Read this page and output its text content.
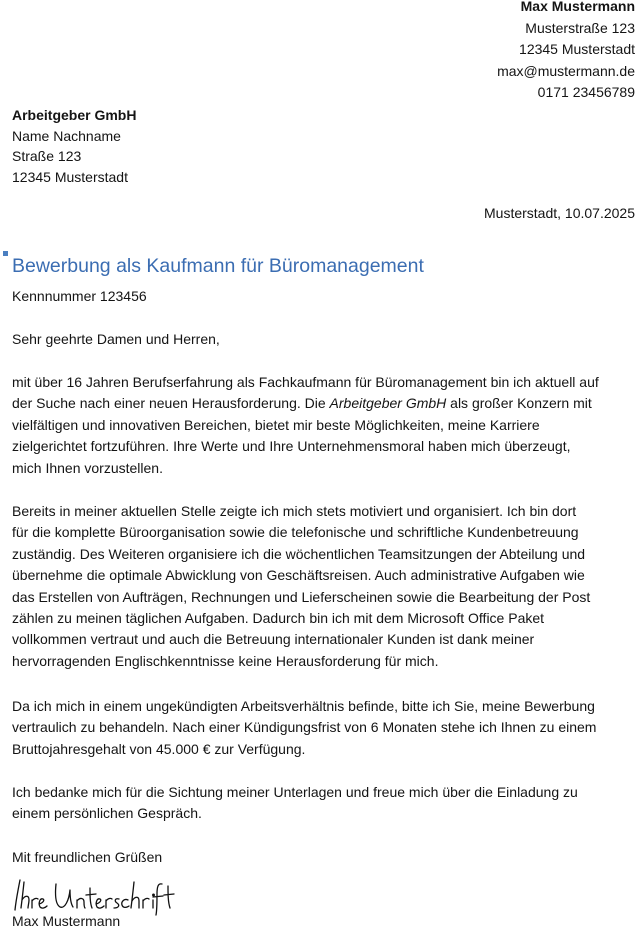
Max Mustermann
Musterstraße 123
12345 Musterstadt
max@mustermann.de
0171 23456789
Arbeitgeber GmbH
Name Nachname
Straße 123
12345 Musterstadt
Musterstadt, 10.07.2025
Bewerbung als Kaufmann für Büromanagement
Kennnummer 123456
Sehr geehrte Damen und Herren,
mit über 16 Jahren Berufserfahrung als Fachkaufmann für Büromanagement bin ich aktuell auf
der Suche nach einer neuen Herausforderung. Die Arbeitgeber GmbH als großer Konzern mit
vielfältigen und innovativen Bereichen, bietet mir beste Möglichkeiten, meine Karriere
zielgerichtet fortzuführen. Ihre Werte und Ihre Unternehmensmoral haben mich überzeugt,
mich Ihnen vorzustellen.
Bereits in meiner aktuellen Stelle zeigte ich mich stets motiviert und organisiert. Ich bin dort
für die komplette Büroorganisation sowie die telefonische und schriftliche Kundenbetreuung
zuständig. Des Weiteren organisiere ich die wöchentlichen Teamsitzungen der Abteilung und
übernehme die optimale Abwicklung von Geschäftsreisen. Auch administrative Aufgaben wie
das Erstellen von Aufträgen, Rechnungen und Lieferscheinen sowie die Bearbeitung der Post
zählen zu meinen täglichen Aufgaben. Dadurch bin ich mit dem Microsoft Office Paket
vollkommen vertraut und auch die Betreuung internationaler Kunden ist dank meiner
hervorragenden Englischkenntnisse keine Herausforderung für mich.
Da ich mich in einem ungekündigten Arbeitsverhältnis befinde, bitte ich Sie, meine Bewerbung
vertraulich zu behandeln. Nach einer Kündigungsfrist von 6 Monaten stehe ich Ihnen zu einem
Bruttojahresgehalt von 45.000 € zur Verfügung.
Ich bedanke mich für die Sichtung meiner Unterlagen und freue mich über die Einladung zu
einem persönlichen Gespräch.
Mit freundlichen Grüßen
Max Mustermann
